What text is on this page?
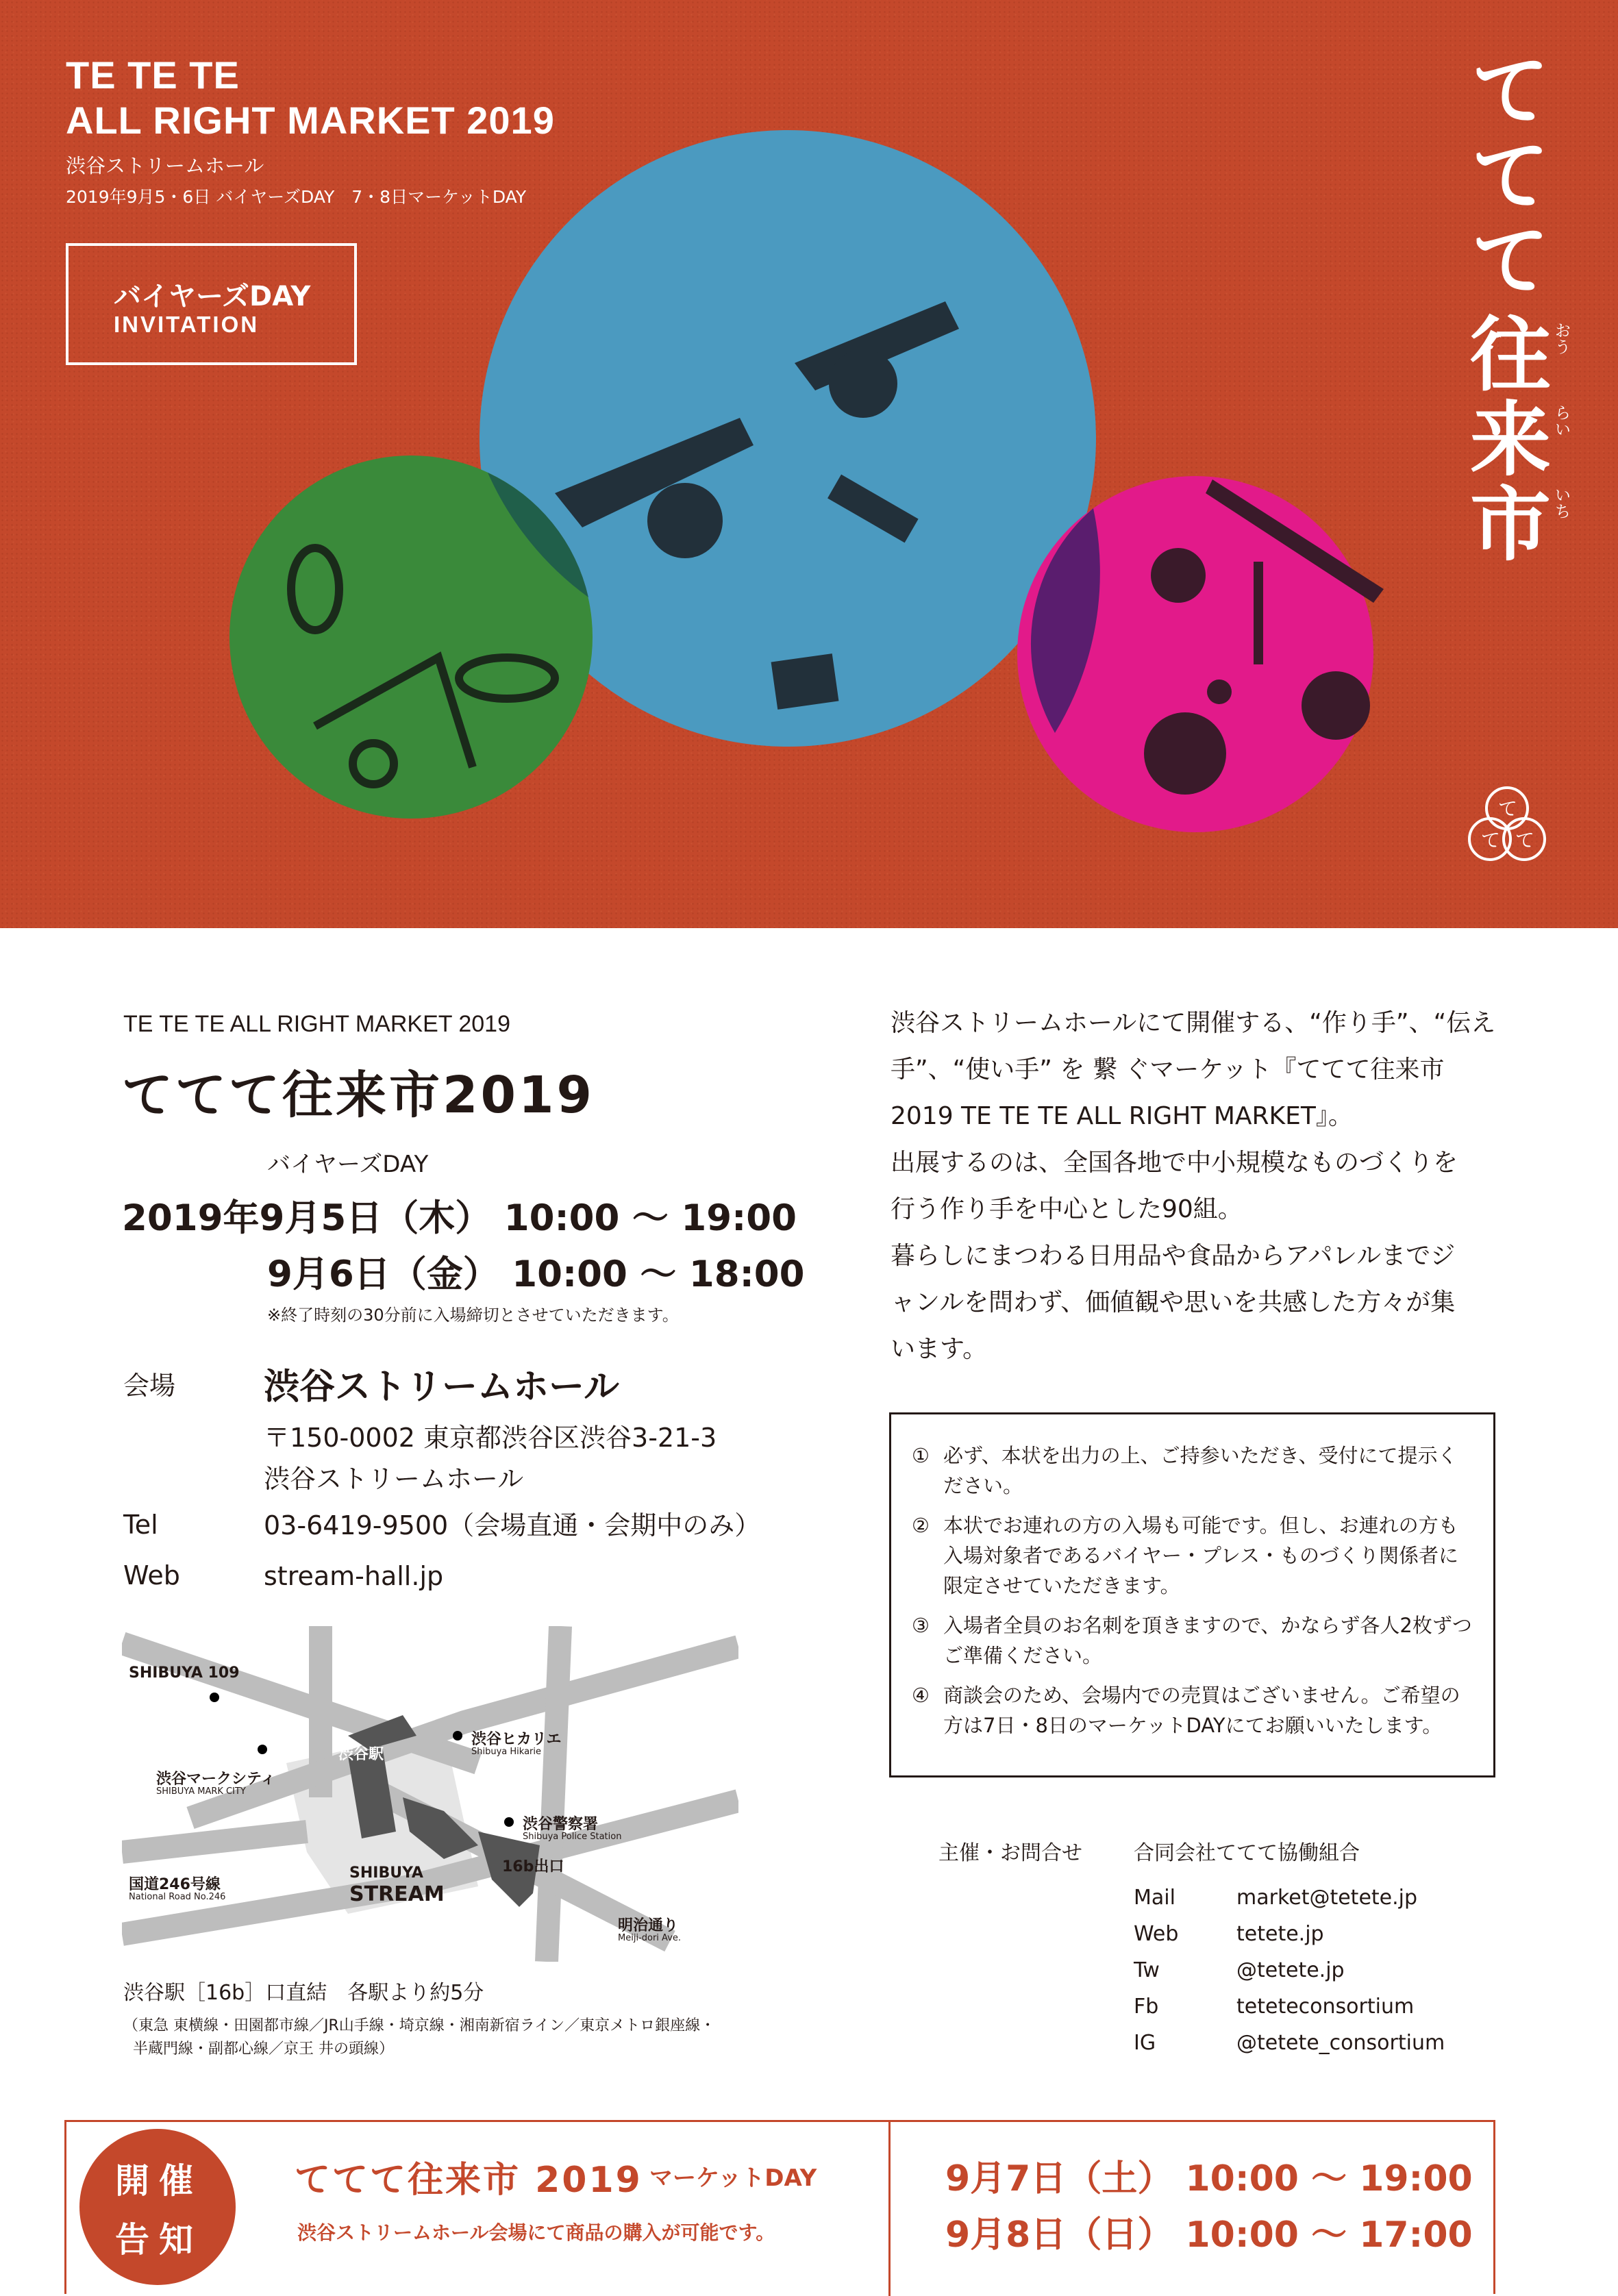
TE TE TE
ALL RIGHT MARKET 2019
渋谷ストリームホール
2019年9月5・6日 バイヤーズDAY　7・8日マーケットDAY
バイヤーズDAY
INVITATION
ててて
往来市 おう
らい
いち
て
て て
TE TE TE ALL RIGHT MARKET 2019
ててて往来市2019
バイヤーズDAY
2019年9月5日（木） 10:00 〜 19:00
9月6日（金） 10:00 〜 18:00
※終了時刻の30分前に入場締切とさせていただきます。
会場 渋谷ストリームホール
〒150-0002 東京都渋谷区渋谷3-21-3
渋谷ストリームホール
Tel	03-6419-9500（会場直通・会期中のみ）
Web	stream-hall.jp
SHIBUYA 109
渋谷マークシティ
SHIBUYA MARK CITY
渋谷駅
渋谷ヒカリエ
Shibuya Hikarie
渋谷警察署
Shibuya Police Station
16b出口
国道246号線
National Road No.246
SHIBUYA
STREAM
明治通り
Meiji-dori Ave.
渋谷駅［16b］口直結　各駅より約5分
（東急 東横線・田園都市線／JR山手線・埼京線・湘南新宿ライン／東京メトロ銀座線・
半蔵門線・副都心線／京王 井の頭線）
渋谷ストリームホールにて開催する、“作り手”、“伝え
手”、“使い手” を 繋 ぐマーケット『ててて往来市
2019 TE TE TE ALL RIGHT MARKET』。
出展するのは、全国各地で中小規模なものづくりを
行う作り手を中心とした90組。
暮らしにまつわる日用品や食品からアパレルまでジ
ャンルを問わず、価値観や思いを共感した方々が集
います。
① 必ず、本状を出力の上、ご持参いただき、受付にて提示ください。
② 本状でお連れの方の入場も可能です。但し、お連れの方も入場対象者であるバイヤー・プレス・ものづくり関係者に限定させていただきます。
③ 入場者全員のお名刺を頂きますので、かならず各人2枚ずつご準備ください。
④ 商談会のため、会場内での売買はございません。ご希望の方は7日・8日のマーケットDAYにてお願いいたします。
主催・お問合せ	合同会社ててて協働組合
Mail	market@tetete.jp
Web	tetete.jp
Tw	@tetete.jp
Fb	teteteconsortium
IG	@tetete_consortium
開催
告知
ててて往来市 2019 マーケットDAY
渋谷ストリームホール会場にて商品の購入が可能です。
9月7日（土） 10:00 〜 19:00
9月8日（日） 10:00 〜 17:00
